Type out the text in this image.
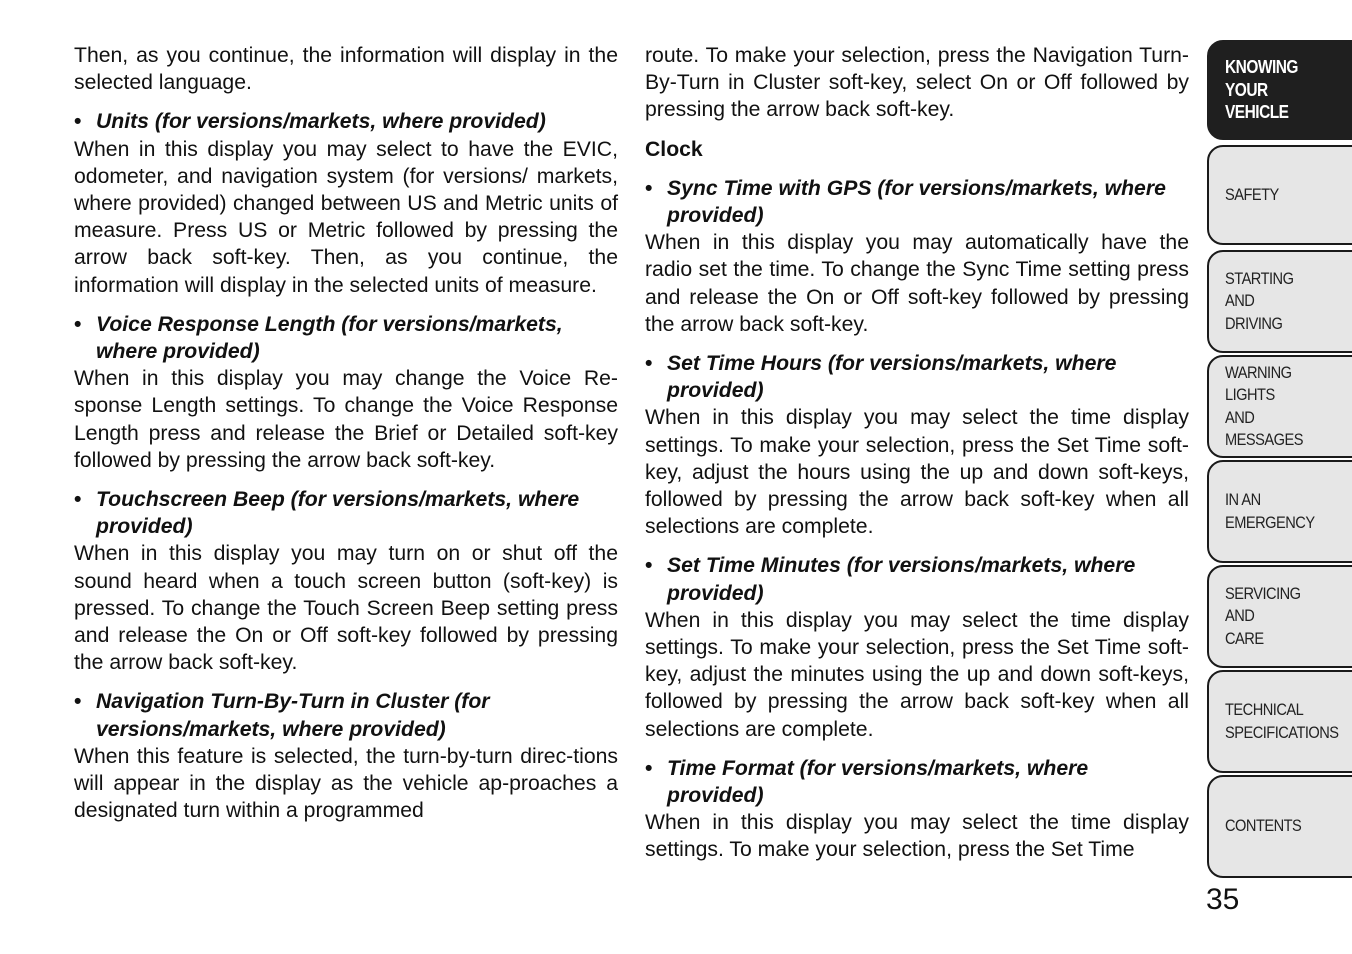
Then, as you continue, the information will display in the selected language.

• Units (for versions/markets, where provided)

When in this display you may select to have the EVIC, odometer, and navigation system (for versions/ markets, where provided) changed between US and Metric units of measure. Press US or Metric followed by pressing the arrow back soft-key. Then, as you continue, the information will display in the selected units of measure.

• Voice Response Length (for versions/markets, where provided)

When in this display you may change the Voice Re-sponse Length settings. To change the Voice Response Length press and release the Brief or Detailed soft-key followed by pressing the arrow back soft-key.

• Touchscreen Beep (for versions/markets, where provided)

When in this display you may turn on or shut off the sound heard when a touch screen button (soft-key) is pressed. To change the Touch Screen Beep setting press and release the On or Off soft-key followed by pressing the arrow back soft-key.

• Navigation Turn-By-Turn in Cluster (for versions/markets, where provided)

When this feature is selected, the turn-by-turn direc-tions will appear in the display as the vehicle ap-proaches a designated turn within a programmed

route. To make your selection, press the Navigation Turn-By-Turn in Cluster soft-key, select On or Off followed by pressing the arrow back soft-key.

Clock

• Sync Time with GPS (for versions/markets, where provided)

When in this display you may automatically have the radio set the time. To change the Sync Time setting press and release the On or Off soft-key followed by pressing the arrow back soft-key.

• Set Time Hours (for versions/markets, where provided)

When in this display you may select the time display settings. To make your selection, press the Set Time soft-key, adjust the hours using the up and down soft-keys, followed by pressing the arrow back soft-key when all selections are complete.

• Set Time Minutes (for versions/markets, where provided)

When in this display you may select the time display settings. To make your selection, press the Set Time soft-key, adjust the minutes using the up and down soft-keys, followed by pressing the arrow back soft-key when all selections are complete.

• Time Format (for versions/markets, where provided)

When in this display you may select the time display settings. To make your selection, press the Set Time

KNOWING
YOUR
VEHICLE
SAFETY
STARTING
AND
DRIVING
WARNING
LIGHTS
AND
MESSAGES
IN AN
EMERGENCY
SERVICING
AND
CARE
TECHNICAL
SPECIFICATIONS
CONTENTS
35
